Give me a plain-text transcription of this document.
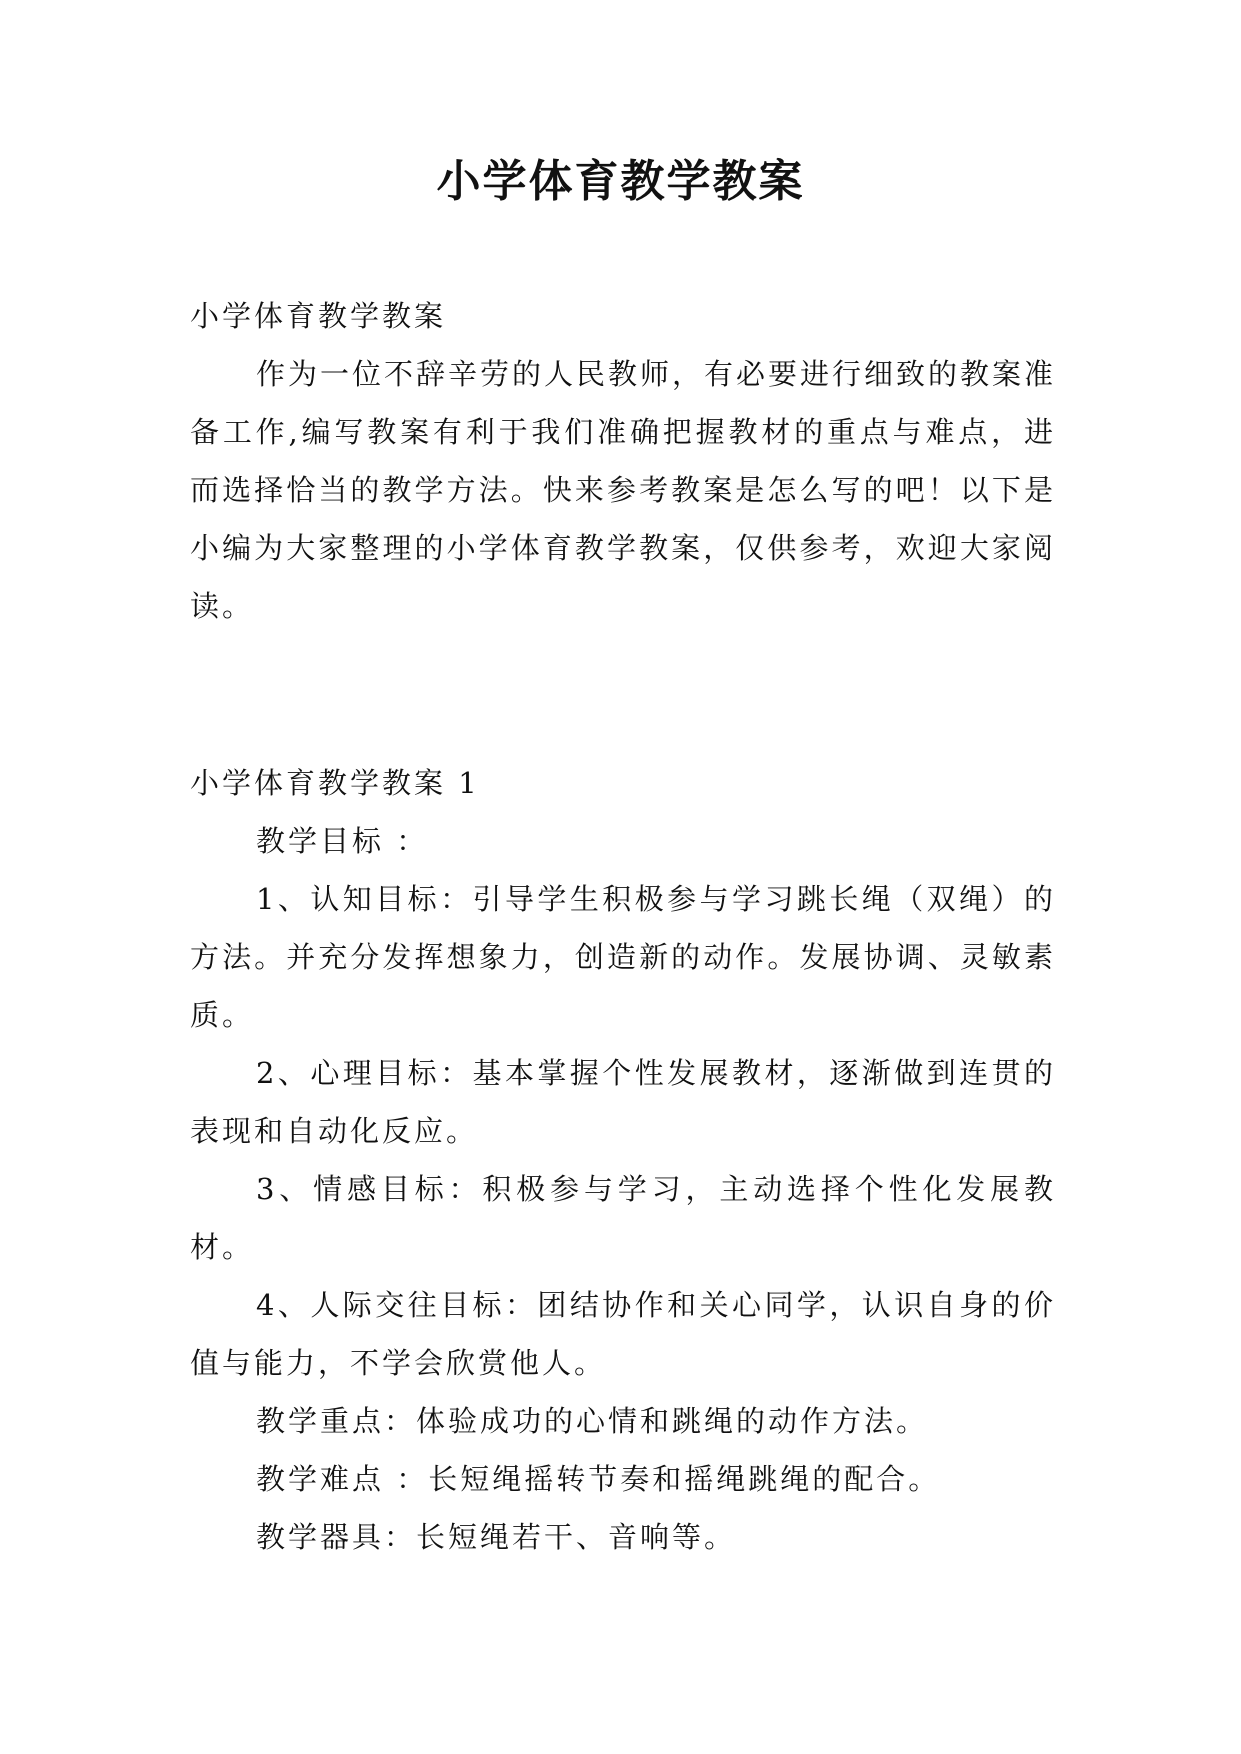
小学体育教学教案

小学体育教学教案

作为一位不辞辛劳的人民教师，有必要进行细致的教案准备工作,编写教案有利于我们准确把握教材的重点与难点，进而选择恰当的教学方法。快来参考教案是怎么写的吧！以下是小编为大家整理的小学体育教学教案，仅供参考，欢迎大家阅读。

小学体育教学教案 1

教学目标 ：

1、认知目标：引导学生积极参与学习跳长绳（双绳）的方法。并充分发挥想象力，创造新的动作。发展协调、灵敏素质。

2、心理目标：基本掌握个性发展教材，逐渐做到连贯的表现和自动化反应。

3、情感目标：积极参与学习，主动选择个性化发展教材。

4、人际交往目标：团结协作和关心同学，认识自身的价值与能力，不学会欣赏他人。

教学重点：体验成功的心情和跳绳的动作方法。

教学难点 ：长短绳摇转节奏和摇绳跳绳的配合。

教学器具：长短绳若干、音响等。
